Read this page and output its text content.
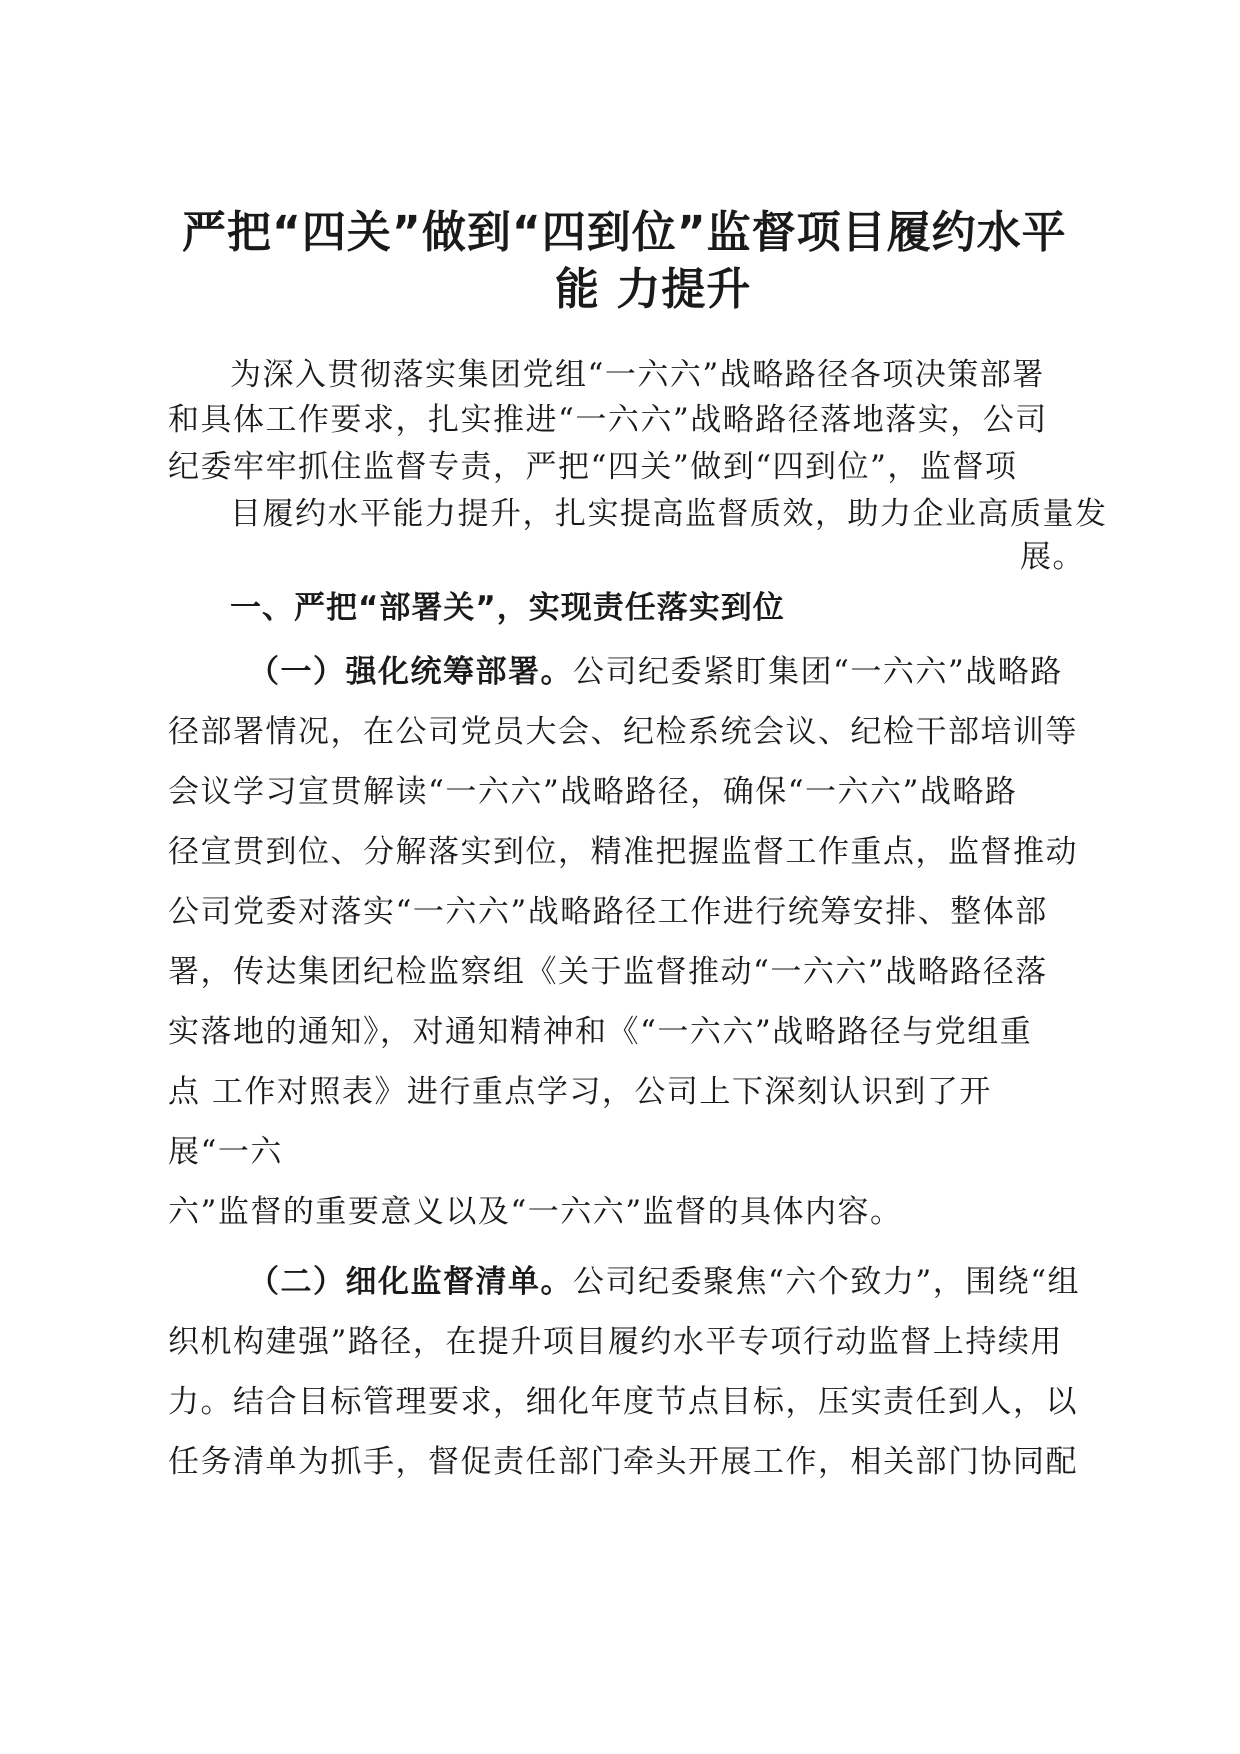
严把“四关”做到“四到位”监督项目履约水平
能 力提升
为深入贯彻落实集团党组“一六六”战略路径各项决策部署
和具体工作要求，扎实推进“一六六”战略路径落地落实，公司
纪委牢牢抓住监督专责，严把“四关”做到“四到位”，监督项
目履约水平能力提升，扎实提高监督质效，助力企业高质量发
展。
一、严把“部署关”，实现责任落实到位
（一）强化统筹部署。公司纪委紧盯集团“一六六”战略路
径部署情况，在公司党员大会、纪检系统会议、纪检干部培训等
会议学习宣贯解读“一六六”战略路径，确保“一六六”战略路
径宣贯到位、分解落实到位，精准把握监督工作重点，监督推动
公司党委对落实“一六六”战略路径工作进行统筹安排、整体部
署，传达集团纪检监察组《关于监督推动“一六六”战略路径落
实落地的通知》，对通知精神和《“一六六”战略路径与党组重
点 工作对照表》进行重点学习，公司上下深刻认识到了开
展“一六
六”监督的重要意义以及“一六六”监督的具体内容。
（二）细化监督清单。公司纪委聚焦“六个致力”，围绕“组
织机构建强”路径，在提升项目履约水平专项行动监督上持续用
力。结合目标管理要求，细化年度节点目标，压实责任到人，以
任务清单为抓手，督促责任部门牵头开展工作，相关部门协同配
